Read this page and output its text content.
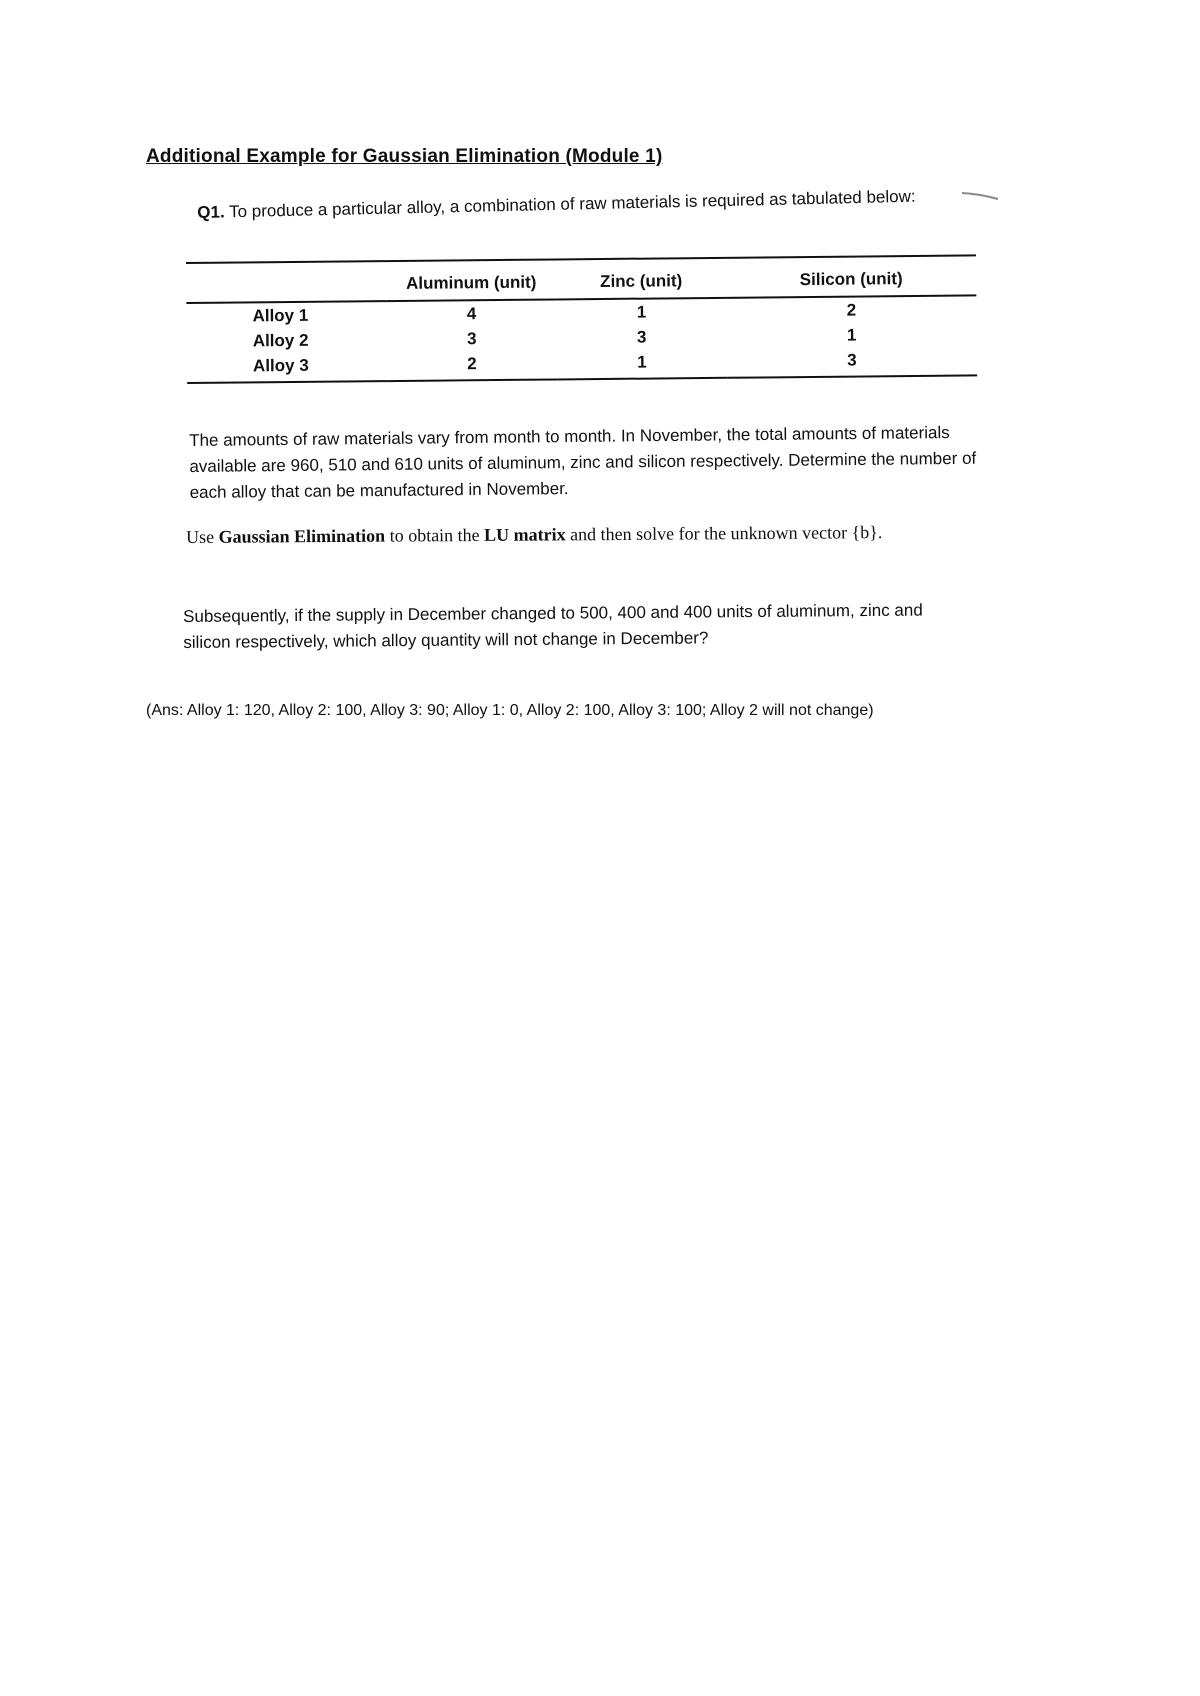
Additional Example for Gaussian Elimination (Module 1)
Q1. To produce a particular alloy, a combination of raw materials is required as tabulated below:
	Aluminum (unit)	Zinc (unit)	Silicon (unit)
Alloy 1	4	1	2
Alloy 2	3	3	1
Alloy 3	2	1	3
The amounts of raw materials vary from month to month. In November, the total amounts of materials available are 960, 510 and 610 units of aluminum, zinc and silicon respectively. Determine the number of each alloy that can be manufactured in November.
Use Gaussian Elimination to obtain the LU matrix and then solve for the unknown vector {b}.
Subsequently, if the supply in December changed to 500, 400 and 400 units of aluminum, zinc and silicon respectively, which alloy quantity will not change in December?
(Ans: Alloy 1: 120, Alloy 2: 100, Alloy 3: 90; Alloy 1: 0, Alloy 2: 100, Alloy 3: 100; Alloy 2 will not change)
